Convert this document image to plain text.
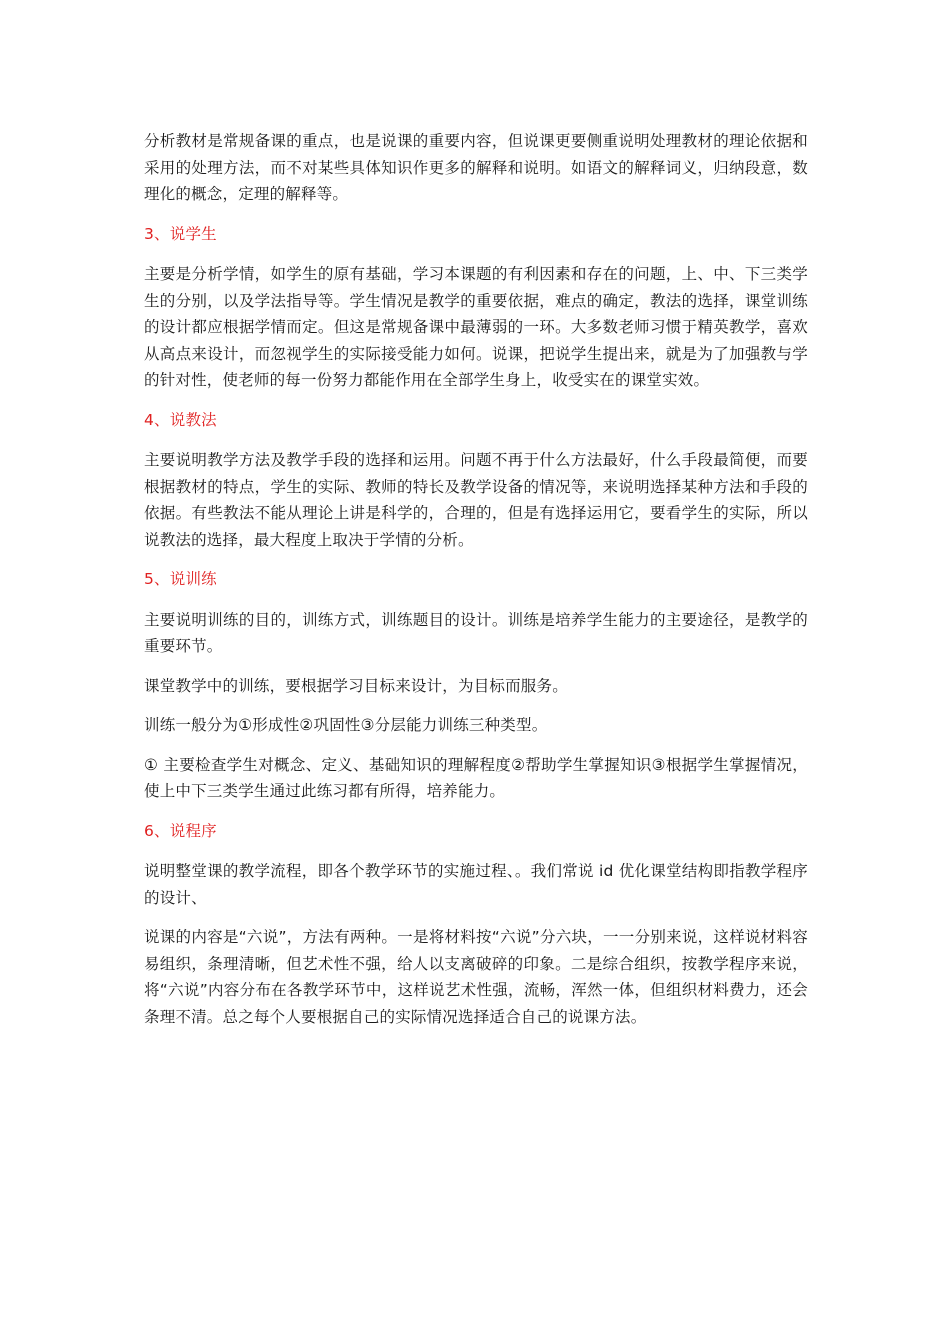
分析教材是常规备课的重点，也是说课的重要内容，但说课更要侧重说明处理教材的理论依据和采用的处理方法，而不对某些具体知识作更多的解释和说明。如语文的解释词义，归纳段意，数理化的概念，定理的解释等。

3、说学生

主要是分析学情，如学生的原有基础，学习本课题的有利因素和存在的问题，上、中、下三类学生的分别，以及学法指导等。学生情况是教学的重要依据，难点的确定，教法的选择，课堂训练的设计都应根据学情而定。但这是常规备课中最薄弱的一环。大多数老师习惯于精英教学，喜欢从高点来设计，而忽视学生的实际接受能力如何。说课，把说学生提出来，就是为了加强教与学的针对性，使老师的每一份努力都能作用在全部学生身上，收受实在的课堂实效。

4、说教法

主要说明教学方法及教学手段的选择和运用。问题不再于什么方法最好，什么手段最简便，而要根据教材的特点，学生的实际、教师的特长及教学设备的情况等，来说明选择某种方法和手段的依据。有些教法不能从理论上讲是科学的，合理的，但是有选择运用它，要看学生的实际，所以说教法的选择，最大程度上取决于学情的分析。

5、说训练

主要说明训练的目的，训练方式，训练题目的设计。训练是培养学生能力的主要途径，是教学的重要环节。

课堂教学中的训练，要根据学习目标来设计，为目标而服务。

训练一般分为①形成性②巩固性③分层能力训练三种类型。

① 主要检查学生对概念、定义、基础知识的理解程度②帮助学生掌握知识③根据学生掌握情况，使上中下三类学生通过此练习都有所得，培养能力。

6、说程序

说明整堂课的教学流程，即各个教学环节的实施过程、。我们常说 id 优化课堂结构即指教学程序的设计、

说课的内容是“六说”，方法有两种。一是将材料按“六说”分六块，一一分别来说，这样说材料容易组织，条理清晰，但艺术性不强，给人以支离破碎的印象。二是综合组织，按教学程序来说，将“六说”内容分布在各教学环节中，这样说艺术性强，流畅，浑然一体，但组织材料费力，还会条理不清。总之每个人要根据自己的实际情况选择适合自己的说课方法。
